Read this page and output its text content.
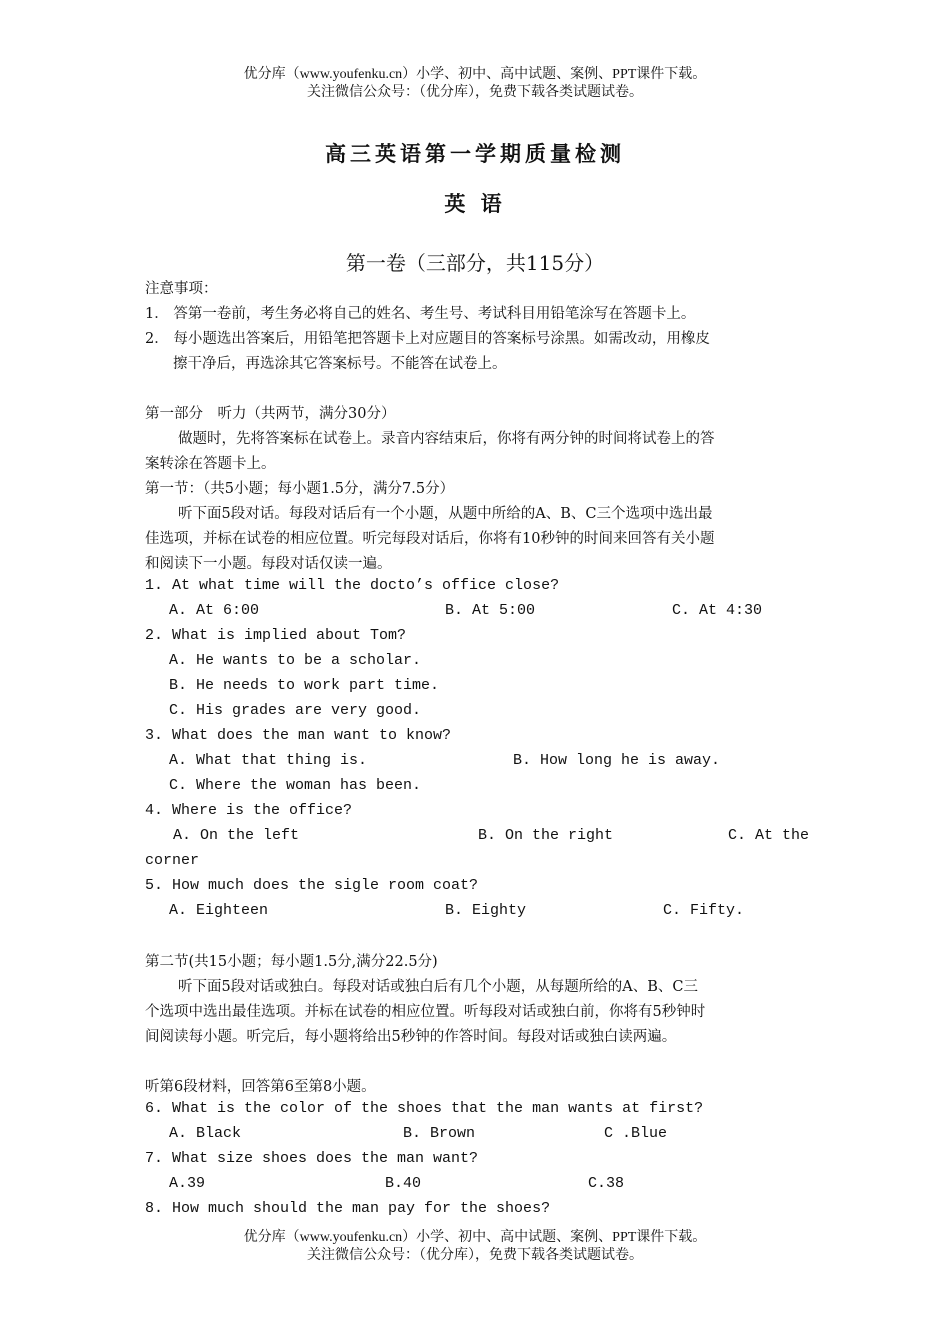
优分库（www.youfenku.cn）小学、初中、高中试题、案例、PPT课件下载。
关注微信公众号：（优分库），免费下载各类试题试卷。
高三英语第一学期质量检测
英 语
第一卷（三部分，共115分）
注意事项：
1． 答第一卷前，考生务必将自己的姓名、考生号、考试科目用铅笔涂写在答题卡上。
2． 每小题选出答案后，用铅笔把答题卡上对应题目的答案标号涂黑。如需改动，用橡皮
擦干净后，再选涂其它答案标号。不能答在试卷上。
第一部分　听力（共两节，满分30分）
做题时，先将答案标在试卷上。录音内容结束后，你将有两分钟的时间将试卷上的答
案转涂在答题卡上。
第一节：（共5小题；每小题1.5分，满分7.5分）
听下面5段对话。每段对话后有一个小题，从题中所给的A、B、C三个选项中选出最
佳选项，并标在试卷的相应位置。听完每段对话后，你将有10秒钟的时间来回答有关小题
和阅读下一小题。每段对话仅读一遍。
1. At what time will the docto’s office close?
A. At 6:00	B. At 5:00	C. At 4:30
2. What is implied about Tom?
A. He wants to be a scholar.
B. He needs to work part time.
C. His grades are very good.
3. What does the man want to know?
A. What that thing is.	B. How long he is away.
C. Where the woman has been.
4. Where is the office?
A. On the left	B. On the right	C. At the
corner
5. How much does the sigle room coat?
A. Eighteen	B. Eighty	C. Fifty.
第二节(共15小题；每小题1.5分,满分22.5分)
听下面5段对话或独白。每段对话或独白后有几个小题，从每题所给的A、B、C三
个选项中选出最佳选项。并标在试卷的相应位置。听每段对话或独白前，你将有5秒钟时
间阅读每小题。听完后，每小题将给出5秒钟的作答时间。每段对话或独白读两遍。
听第6段材料，回答第6至第8小题。
6. What is the color of the shoes that the man wants at first?
A. Black	B. Brown	C .Blue
7. What size shoes does the man want?
A.39	B.40	C.38
8. How much should the man pay for the shoes?
优分库（www.youfenku.cn）小学、初中、高中试题、案例、PPT课件下载。
关注微信公众号：（优分库），免费下载各类试题试卷。
